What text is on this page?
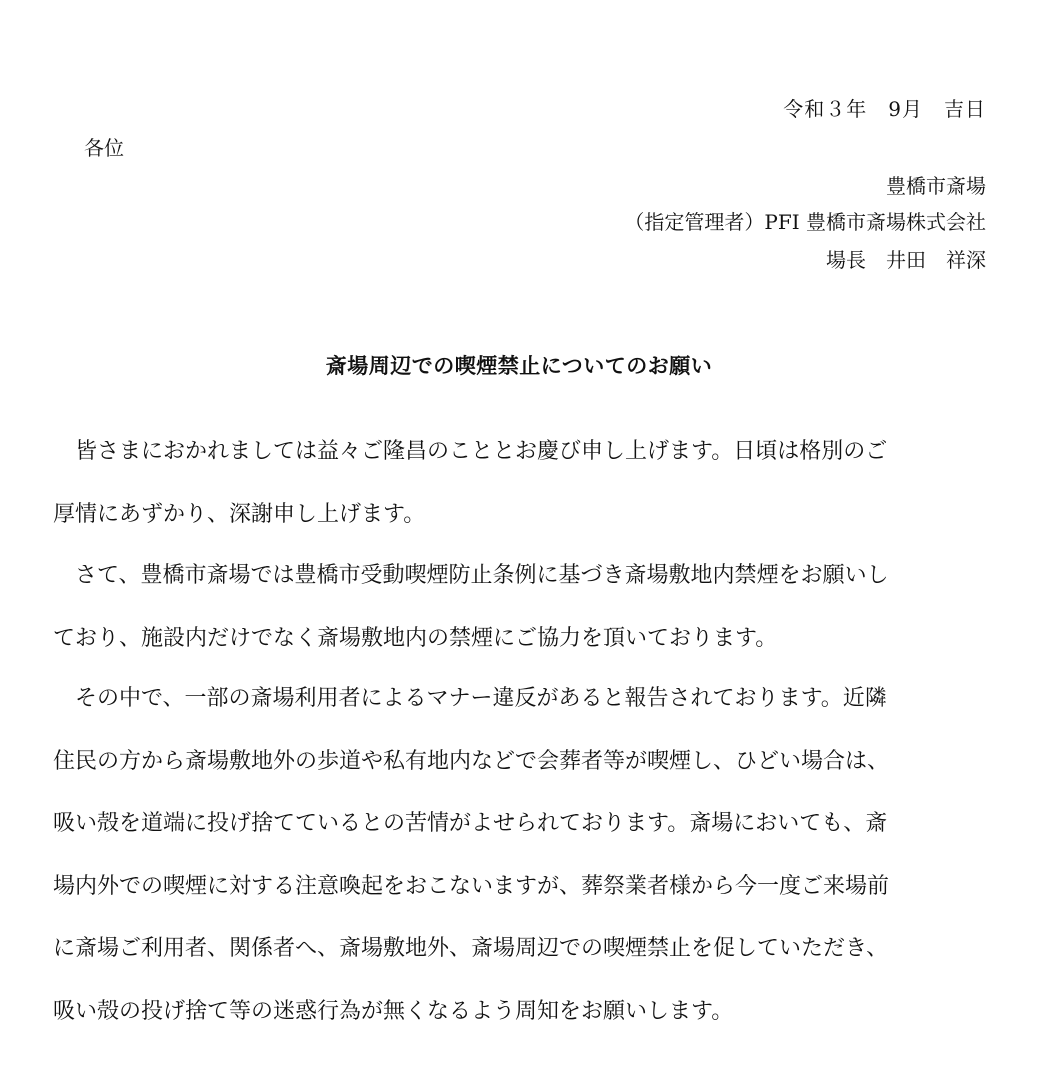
令和３年　9月　吉日

各位

豊橋市斎場

（指定管理者）PFI 豊橋市斎場株式会社

場長　井田　祥深

斎場周辺での喫煙禁止についてのお願い
　皆さまにおかれましては益々ご隆昌のこととお慶び申し上げます。日頃は格別のご
厚情にあずかり、深謝申し上げます。
　さて、豊橋市斎場では豊橋市受動喫煙防止条例に基づき斎場敷地内禁煙をお願いし
ており、施設内だけでなく斎場敷地内の禁煙にご協力を頂いております。
　その中で、一部の斎場利用者によるマナー違反があると報告されております。近隣
住民の方から斎場敷地外の歩道や私有地内などで会葬者等が喫煙し、ひどい場合は、
吸い殻を道端に投げ捨てているとの苦情がよせられております。斎場においても、斎
場内外での喫煙に対する注意喚起をおこないますが、葬祭業者様から今一度ご来場前
に斎場ご利用者、関係者へ、斎場敷地外、斎場周辺での喫煙禁止を促していただき、
吸い殻の投げ捨て等の迷惑行為が無くなるよう周知をお願いします。
